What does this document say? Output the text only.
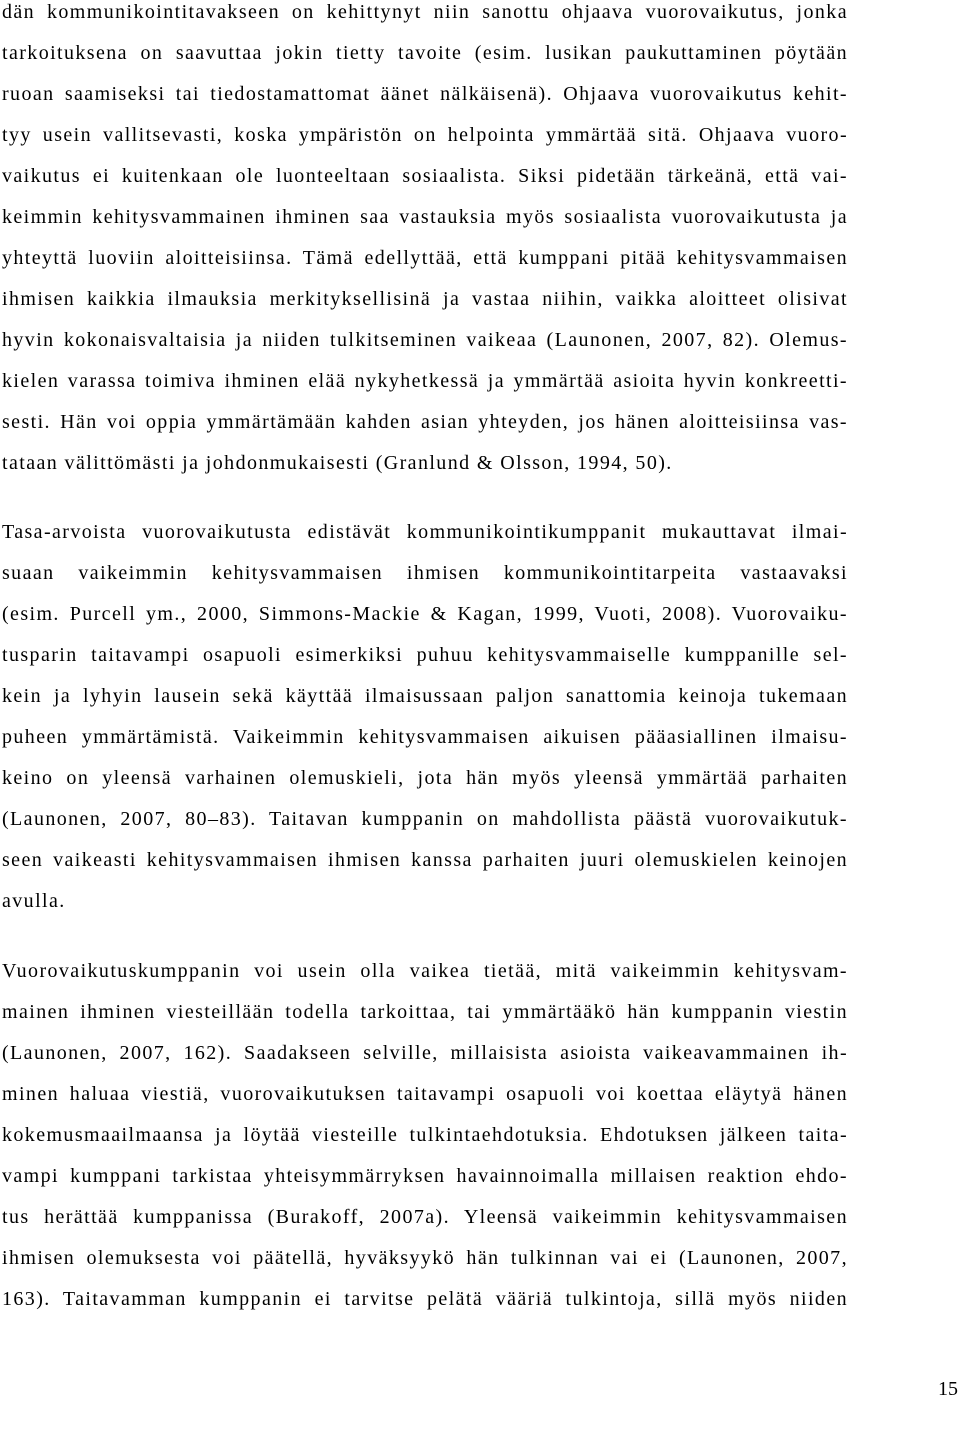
dän kommunikointitavakseen on kehittynyt niin sanottu ohjaava vuorovaikutus, jonka
tarkoituksena on saavuttaa jokin tietty tavoite (esim. lusikan paukuttaminen pöytään
ruoan saamiseksi tai tiedostamattomat äänet nälkäisenä). Ohjaava vuorovaikutus kehit-
tyy usein vallitsevasti, koska ympäristön on helpointa ymmärtää sitä. Ohjaava vuoro-
vaikutus ei kuitenkaan ole luonteeltaan sosiaalista. Siksi pidetään tärkeänä, että vai-
keimmin kehitysvammainen ihminen saa vastauksia myös sosiaalista vuorovaikutusta ja
yhteyttä luoviin aloitteisiinsa. Tämä edellyttää, että kumppani pitää kehitysvammaisen
ihmisen kaikkia ilmauksia merkityksellisinä ja vastaa niihin, vaikka aloitteet olisivat
hyvin kokonaisvaltaisia ja niiden tulkitseminen vaikeaa (Launonen, 2007, 82). Olemus-
kielen varassa toimiva ihminen elää nykyhetkessä ja ymmärtää asioita hyvin konkreetti-
sesti. Hän voi oppia ymmärtämään kahden asian yhteyden, jos hänen aloitteisiinsa vas-
tataan välittömästi ja johdonmukaisesti (Granlund & Olsson, 1994, 50).
Tasa-arvoista vuorovaikutusta edistävät kommunikointikumppanit mukauttavat ilmai-
suaan vaikeimmin kehitysvammaisen ihmisen kommunikointitarpeita vastaavaksi
(esim. Purcell ym., 2000, Simmons-Mackie & Kagan, 1999, Vuoti, 2008). Vuorovaiku-
tusparin taitavampi osapuoli esimerkiksi puhuu kehitysvammaiselle kumppanille sel-
kein ja lyhyin lausein sekä käyttää ilmaisussaan paljon sanattomia keinoja tukemaan
puheen ymmärtämistä. Vaikeimmin kehitysvammaisen aikuisen pääasiallinen ilmaisu-
keino on yleensä varhainen olemuskieli, jota hän myös yleensä ymmärtää parhaiten
(Launonen, 2007, 80–83). Taitavan kumppanin on mahdollista päästä vuorovaikutuk-
seen vaikeasti kehitysvammaisen ihmisen kanssa parhaiten juuri olemuskielen keinojen
avulla.
Vuorovaikutuskumppanin voi usein olla vaikea tietää, mitä vaikeimmin kehitysvam-
mainen ihminen viesteillään todella tarkoittaa, tai ymmärtääkö hän kumppanin viestin
(Launonen, 2007, 162). Saadakseen selville, millaisista asioista vaikeavammainen ih-
minen haluaa viestiä, vuorovaikutuksen taitavampi osapuoli voi koettaa eläytyä hänen
kokemusmaailmaansa ja löytää viesteille tulkintaehdotuksia. Ehdotuksen jälkeen taita-
vampi kumppani tarkistaa yhteisymmärryksen havainnoimalla millaisen reaktion ehdo-
tus herättää kumppanissa (Burakoff, 2007a). Yleensä vaikeimmin kehitysvammaisen
ihmisen olemuksesta voi päätellä, hyväksyykö hän tulkinnan vai ei (Launonen, 2007,
163). Taitavamman kumppanin ei tarvitse pelätä vääriä tulkintoja, sillä myös niiden
15
